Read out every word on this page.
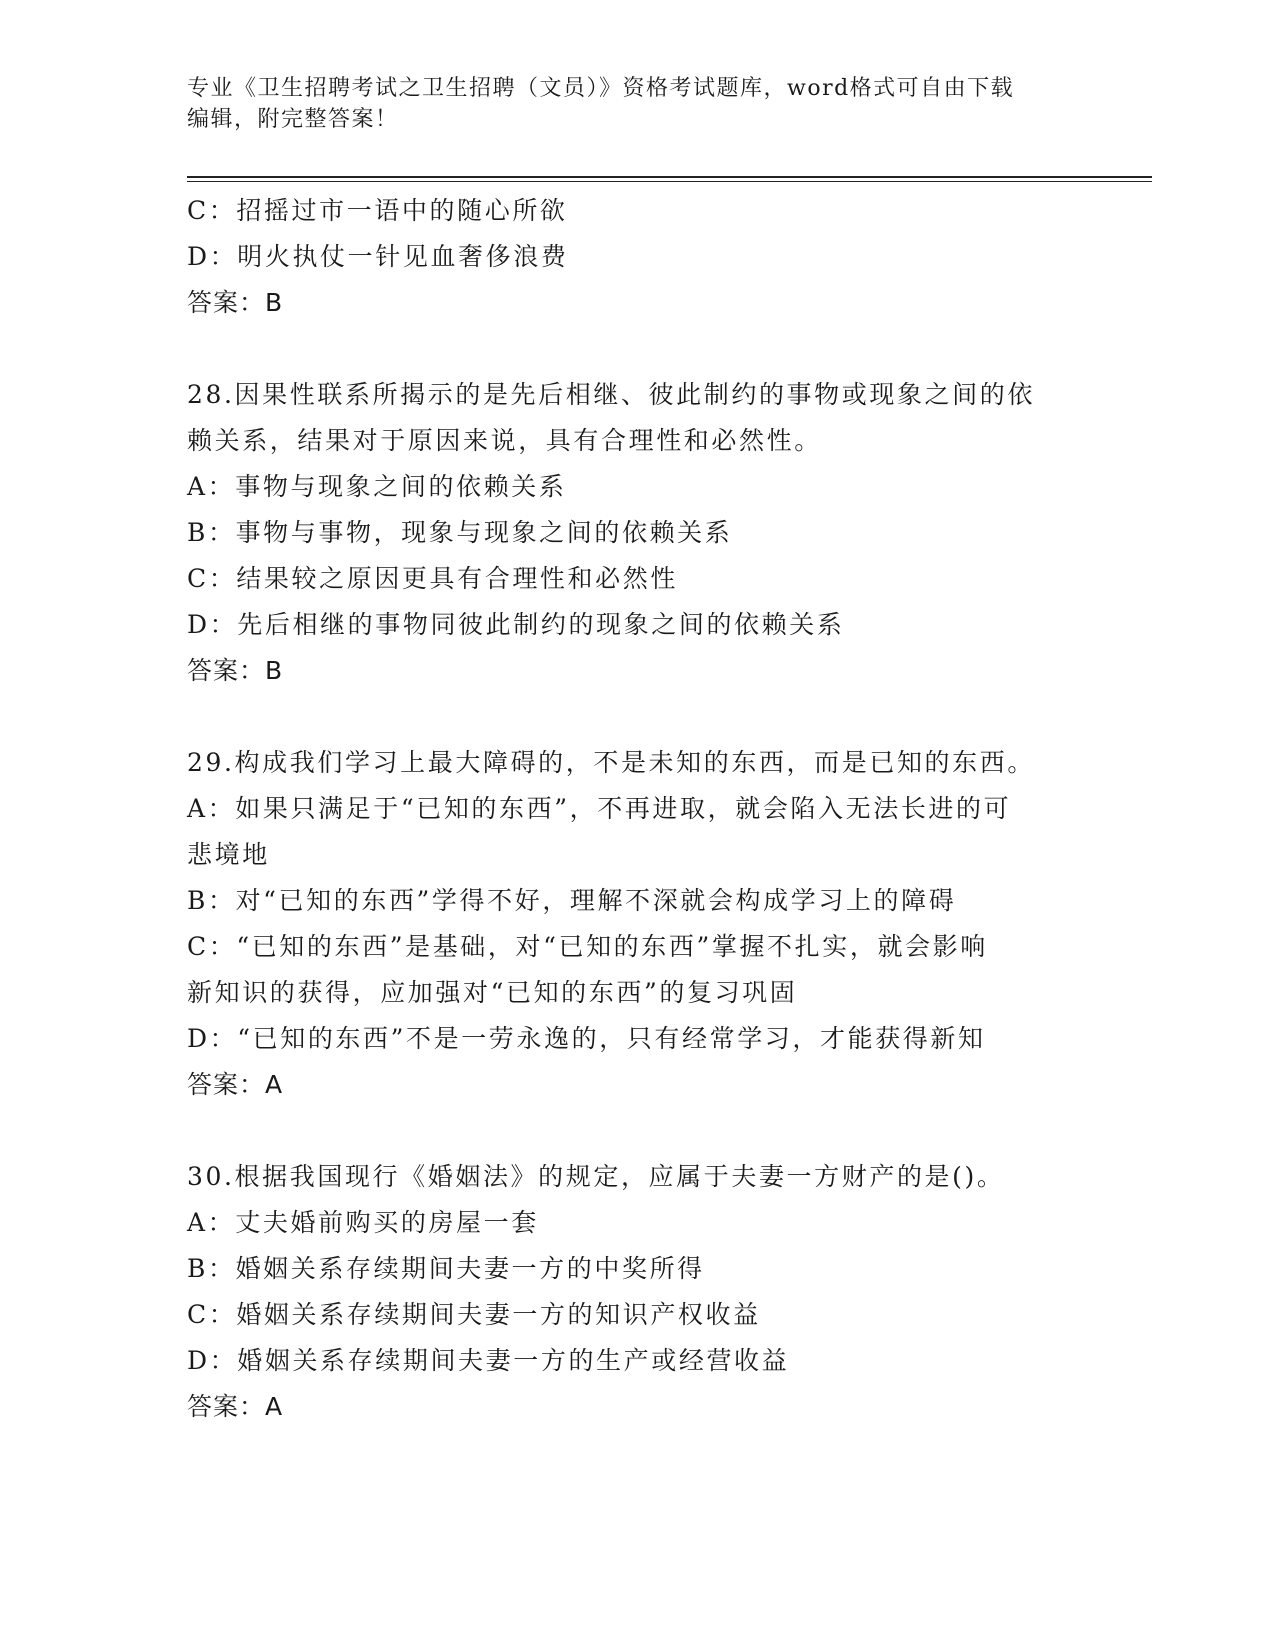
专业《卫生招聘考试之卫生招聘（文员）》资格考试题库，word格式可自由下载
编辑，附完整答案！
C：招摇过市一语中的随心所欲
D：明火执仗一针见血奢侈浪费
答案：B
28.因果性联系所揭示的是先后相继、彼此制约的事物或现象之间的依
赖关系，结果对于原因来说，具有合理性和必然性。
A：事物与现象之间的依赖关系
B：事物与事物，现象与现象之间的依赖关系
C：结果较之原因更具有合理性和必然性
D：先后相继的事物同彼此制约的现象之间的依赖关系
答案：B
29.构成我们学习上最大障碍的，不是未知的东西，而是已知的东西。
A：如果只满足于“已知的东西”，不再进取，就会陷入无法长进的可
悲境地
B：对“已知的东西”学得不好，理解不深就会构成学习上的障碍
C：“已知的东西”是基础，对“已知的东西”掌握不扎实，就会影响
新知识的获得，应加强对“已知的东西”的复习巩固
D：“已知的东西”不是一劳永逸的，只有经常学习，才能获得新知
答案：A
30.根据我国现行《婚姻法》的规定，应属于夫妻一方财产的是()。
A：丈夫婚前购买的房屋一套
B：婚姻关系存续期间夫妻一方的中奖所得
C：婚姻关系存续期间夫妻一方的知识产权收益
D：婚姻关系存续期间夫妻一方的生产或经营收益
答案：A
